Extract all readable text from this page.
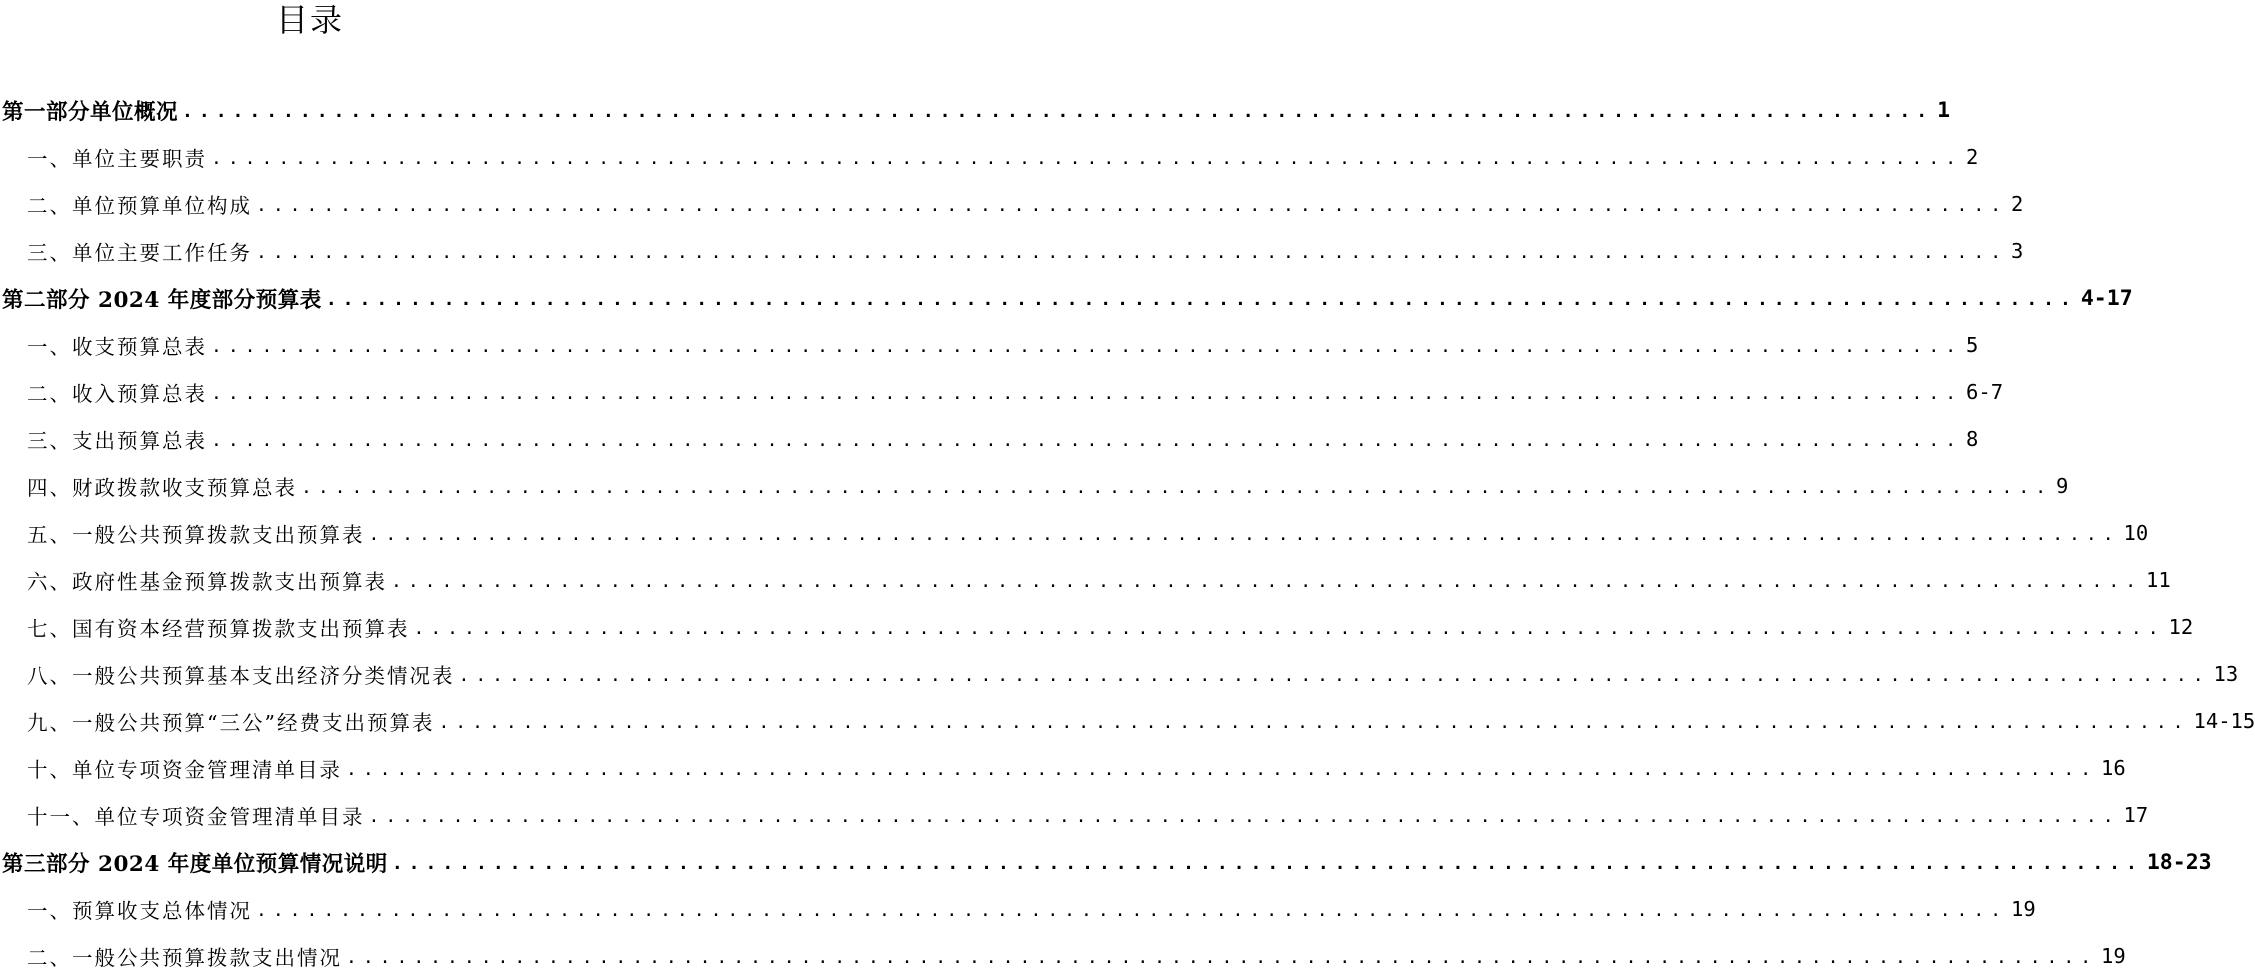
目录
第一部分单位概况 ........................................................................................................ 1
一、单位主要职责 ........................................................................................................ 2
二、单位预算单位构成 ........................................................................................................ 2
三、单位主要工作任务 ........................................................................................................ 3
第二部分 2024 年度部分预算表 ........................................................................................................ 4-17
一、收支预算总表 ........................................................................................................ 5
二、收入预算总表 ........................................................................................................ 6-7
三、支出预算总表 ........................................................................................................ 8
四、财政拨款收支预算总表 ........................................................................................................ 9
五、一般公共预算拨款支出预算表 ........................................................................................................ 10
六、政府性基金预算拨款支出预算表 ........................................................................................................ 11
七、国有资本经营预算拨款支出预算表 ........................................................................................................ 12
八、一般公共预算基本支出经济分类情况表 ........................................................................................................ 13
九、一般公共预算“三公”经费支出预算表 ........................................................................................................ 14-15
十、单位专项资金管理清单目录 ........................................................................................................ 16
十一、单位专项资金管理清单目录 ........................................................................................................ 17
第三部分 2024 年度单位预算情况说明 ........................................................................................................ 18-23
一、预算收支总体情况 ........................................................................................................ 19
二、一般公共预算拨款支出情况 ........................................................................................................ 19
